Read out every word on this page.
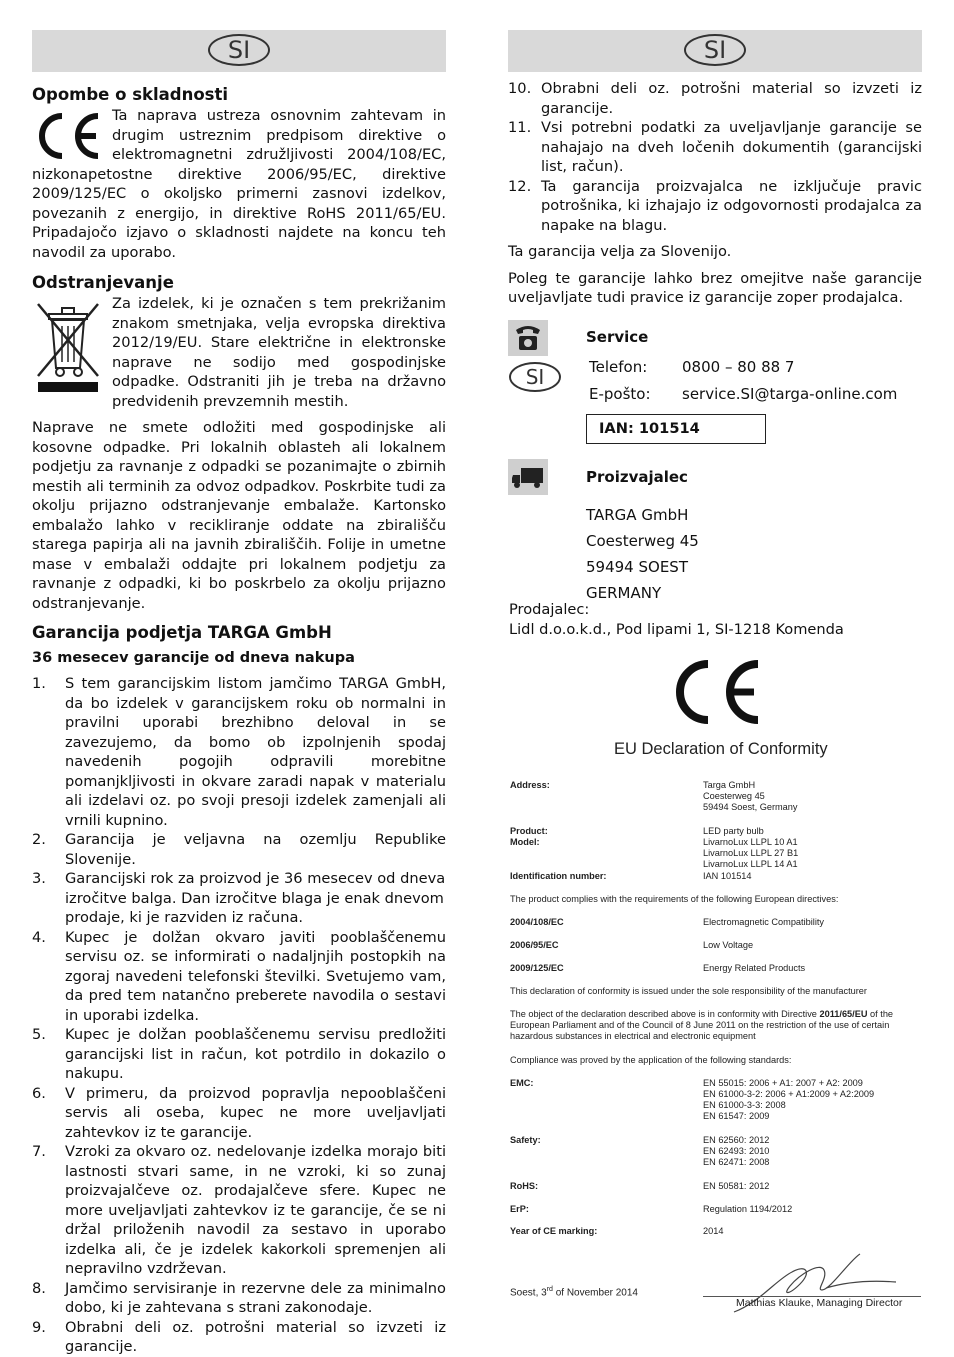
SI
Opombe o skladnosti

Ta naprava ustreza osnovnim zahtevam in drugim ustreznim predpisom direktive o elektromagnetni združljivosti 2004/108/EC, nizkonapetostne direktive 2006/95/EC, direktive 2009/125/EC o okoljsko primerni zasnovi izdelkov, povezanih z energijo, in direktive RoHS 2011/65/EU. Pripadajočo izjavo o skladnosti najdete na koncu teh navodil za uporabo.

Odstranjevanje

Za izdelek, ki je označen s tem prekrižanim znakom smetnjaka, velja evropska direktiva 2012/19/EU. Stare električne in elektronske naprave ne sodijo med gospodinjske odpadke. Odstraniti jih je treba na državno predvidenih prevzemnih mestih.

Naprave ne smete odložiti med gospodinjske ali kosovne odpadke. Pri lokalnih oblasteh ali lokalnem podjetju za ravnanje z odpadki se pozanimajte o zbirnih mestih ali terminih za odvoz odpadkov. Poskrbite tudi za okolju prijazno odstranjevanje embalaže. Kartonsko embalažo lahko v recikliranje oddate na zbirališču starega papirja ali na javnih zbirališčih. Folije in umetne mase v embalaži oddajte pri lokalnem podjetju za ravnanje z odpadki, ki bo poskrbelo za okolju prijazno odstranjevanje.

Garancija podjetja TARGA GmbH
36 mesecev garancije od dneva nakupa
1. S tem garancijskim listom jamčimo TARGA GmbH, da bo izdelek v garancijskem roku ob normalni in pravilni uporabi brezhibno deloval in se zavezujemo, da bomo ob izpolnjenih spodaj navedenih pogojih odpravili morebitne pomanjkljivosti in okvare zaradi napak v materialu ali izdelavi oz. po svoji presoji izdelek zamenjali ali vrnili kupnino.
2. Garancija je veljavna na ozemlju Republike Slovenije.
3. Garancijski rok za proizvod je 36 mesecev od dneva izročitve balga. Dan izročitve blaga je enak dnevom prodaje, ki je razviden iz računa.
4. Kupec je dolžan okvaro javiti pooblaščenemu servisu oz. se informirati o nadaljnjih postopkih na zgoraj navedeni telefonski številki. Svetujemo vam, da pred tem natančno preberete navodila o sestavi in uporabi izdelka.
5. Kupec je dolžan pooblaščenemu servisu predložiti garancijski list in račun, kot potrdilo in dokazilo o nakupu.
6. V primeru, da proizvod popravlja nepooblaščeni servis ali oseba, kupec ne more uveljavljati zahtevkov iz te garancije.
7. Vzroki za okvaro oz. nedelovanje izdelka morajo biti lastnosti stvari same, in ne vzroki, ki so zunaj proizvajalčeve oz. prodajalčeve sfere. Kupec ne more uveljavljati zahtevkov iz te garancije, če se ni držal priloženih navodil za sestavo in uporabo izdelka ali, če je izdelek kakorkoli spremenjen ali nepravilno vzdrževan.
8. Jamčimo servisiranje in rezervne dele za minimalno dobo, ki je zahtevana s strani zakonodaje.
9. Obrabni deli oz. potrošni material so izvzeti iz garancije.
SI
10. Obrabni deli oz. potrošni material so izvzeti iz garancije.
11. Vsi potrebni podatki za uveljavljanje garancije se nahajajo na dveh ločenih dokumentih (garancijski list, račun).
12. Ta garancija proizvajalca ne izključuje pravic potrošnika, ki izhajajo iz odgovornosti prodajalca za napake na blagu.

Ta garancija velja za Slovenijo.

Poleg te garancije lahko brez omejitve naše garancije uveljavljate tudi pravice iz garancije zoper prodajalca.

SI
Service
Telefon: 0800 – 80 88 7
E-pošto: service.SI@targa-online.com
IAN: 101514
Proizvajalec
TARGA GmbH
Coesterweg 45
59494 SOEST
GERMANY
Prodajalec:
Lidl d.o.o.k.d., Pod lipami 1, SI-1218 Komenda
EU Declaration of Conformity
Address:	Targa GmbH
Coesterweg 45
59494 Soest, Germany
Product:	LED party bulb
Model:	LivarnoLux LLPL 10 A1
LivarnoLux LLPL 27 B1
LivarnoLux LLPL 14 A1
Identification number:	IAN 101514
The product complies with the requirements of the following European directives:
2004/108/EC	Electromagnetic Compatibility
2006/95/EC	Low Voltage
2009/125/EC	Energy Related Products
This declaration of conformity is issued under the sole responsibility of the manufacturer
The object of the declaration described above is in conformity with Directive 2011/65/EU of the European Parliament and of the Council of 8 June 2011 on the restriction of the use of certain hazardous substances in electrical and electronic equipment
Compliance was proved by the application of the following standards:
EMC:	EN 55015: 2006 + A1: 2007 + A2: 2009
EN 61000-3-2: 2006 + A1:2009 + A2:2009
EN 61000-3-3: 2008
EN 61547: 2009
Safety:	EN 62560: 2012
EN 62493: 2010
EN 62471: 2008
RoHS:	EN 50581: 2012
ErP:	Regulation 1194/2012
Year of CE marking:	2014
Soest, 3rd of November 2014
Matthias Klauke, Managing Director
